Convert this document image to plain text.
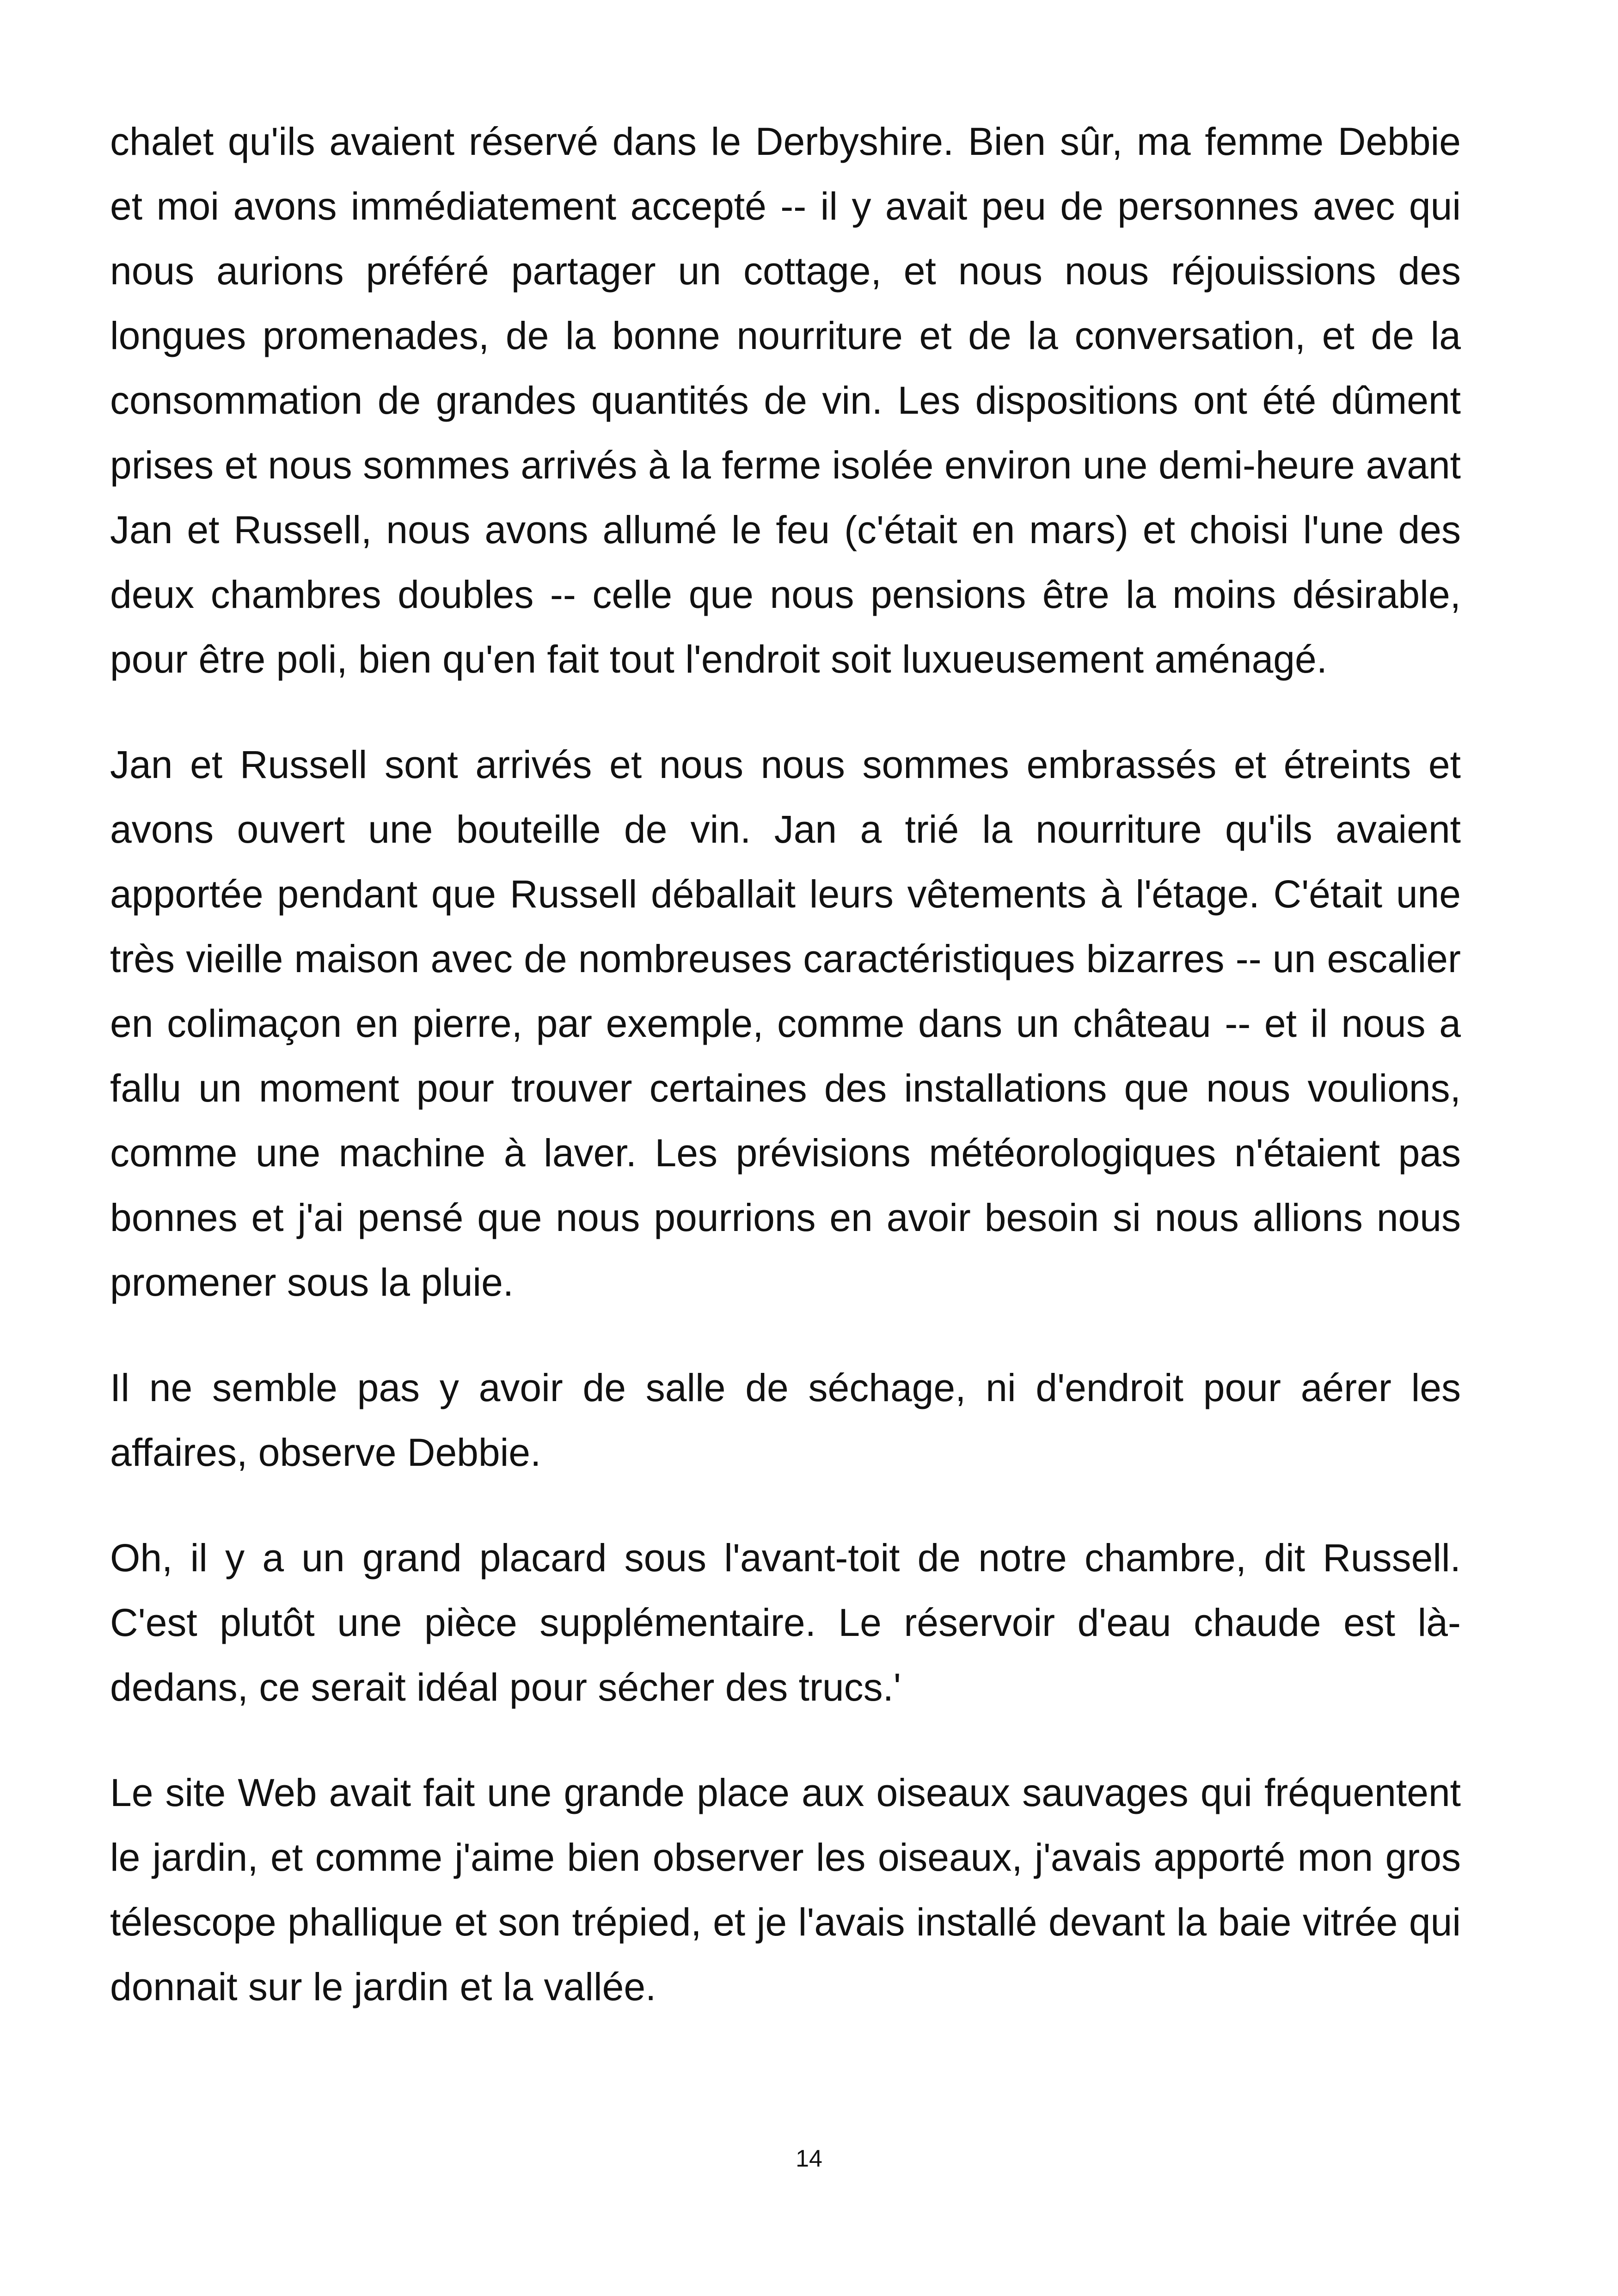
chalet qu'ils avaient réservé dans le Derbyshire. Bien sûr, ma femme Debbie et moi avons immédiatement accepté -- il y avait peu de personnes avec qui nous aurions préféré partager un cottage, et nous nous réjouissions des longues promenades, de la bonne nourriture et de la conversation, et de la consommation de grandes quantités de vin. Les dispositions ont été dûment prises et nous sommes arrivés à la ferme isolée environ une demi-heure avant Jan et Russell, nous avons allumé le feu (c'était en mars) et choisi l'une des deux chambres doubles -- celle que nous pensions être la moins désirable, pour être poli, bien qu'en fait tout l'endroit soit luxueusement aménagé.

Jan et Russell sont arrivés et nous nous sommes embrassés et étreints et avons ouvert une bouteille de vin. Jan a trié la nourriture qu'ils avaient apportée pendant que Russell déballait leurs vêtements à l'étage. C'était une très vieille maison avec de nombreuses caractéristiques bizarres -- un escalier en colimaçon en pierre, par exemple, comme dans un château -- et il nous a fallu un moment pour trouver certaines des installations que nous voulions, comme une machine à laver. Les prévisions météorologiques n'étaient pas bonnes et j'ai pensé que nous pourrions en avoir besoin si nous allions nous promener sous la pluie.

Il ne semble pas y avoir de salle de séchage, ni d'endroit pour aérer les affaires, observe Debbie.

Oh, il y a un grand placard sous l'avant-toit de notre chambre, dit Russell. C'est plutôt une pièce supplémentaire. Le réservoir d'eau chaude est là-dedans, ce serait idéal pour sécher des trucs.'

Le site Web avait fait une grande place aux oiseaux sauvages qui fréquentent le jardin, et comme j'aime bien observer les oiseaux, j'avais apporté mon gros télescope phallique et son trépied, et je l'avais installé devant la baie vitrée qui donnait sur le jardin et la vallée.

14
